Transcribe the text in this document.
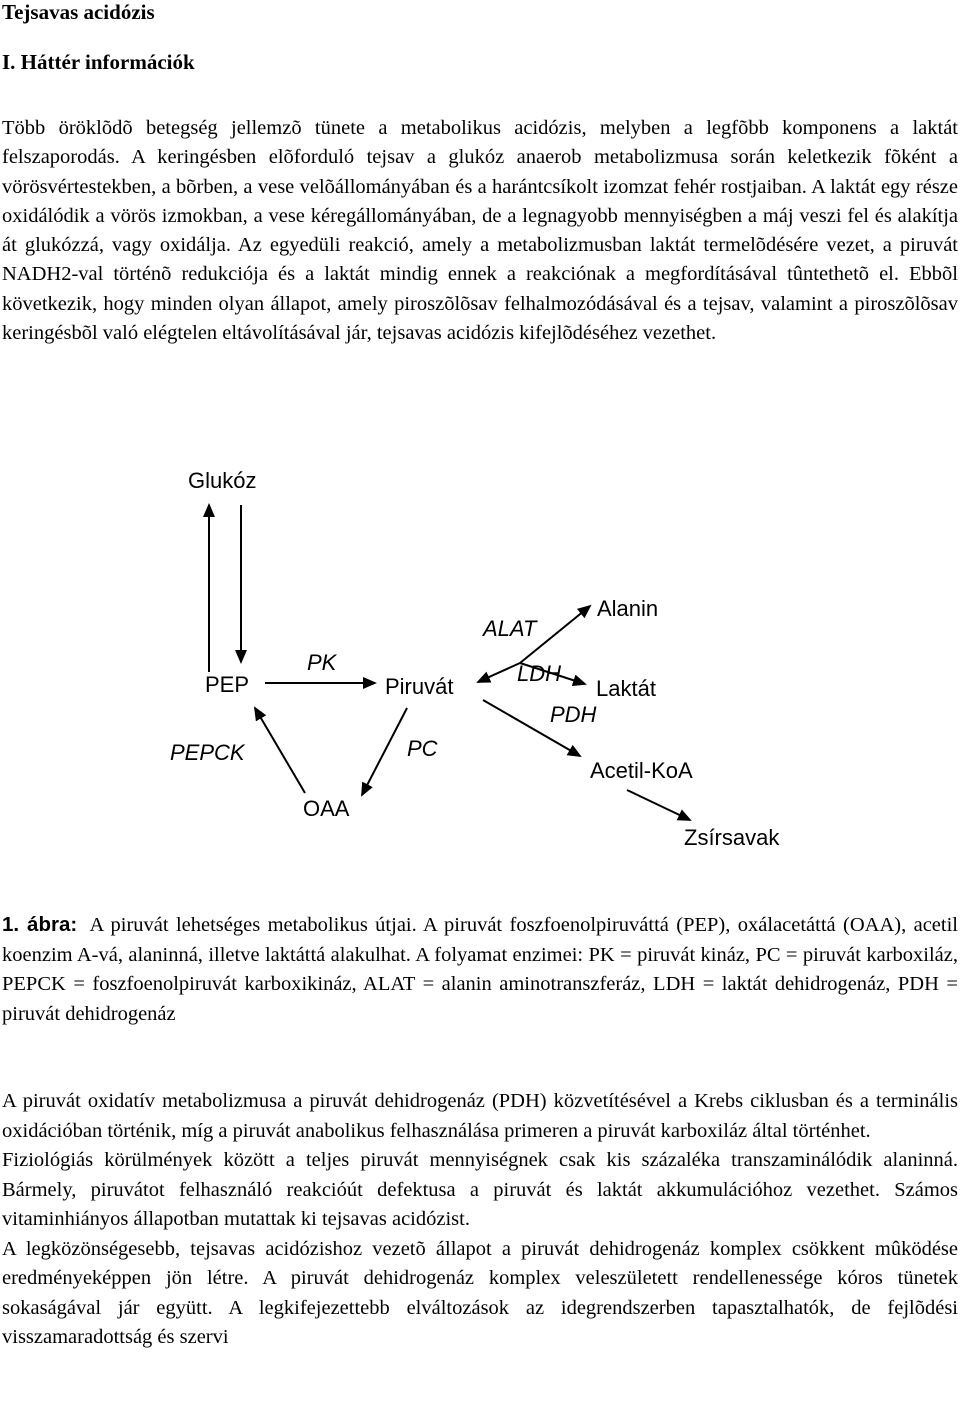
Tejsavas acidózis
I. Háttér információk
Több öröklõdõ betegség jellemzõ tünete a metabolikus acidózis, melyben a legfõbb komponens a laktát felszaporodás. A keringésben elõforduló tejsav a glukóz anaerob metabolizmusa során keletkezik fõként a vörösvértestekben, a bõrben, a vese velõállományában és a harántcsíkolt izomzat fehér rostjaiban. A laktát egy része oxidálódik a vörös izmokban, a vese kéregállományában, de a legnagyobb mennyiségben a máj veszi fel és alakítja át glukózzá, vagy oxidálja. Az egyedüli reakció, amely a metabolizmusban laktát termelõdésére vezet, a piruvát NADH2-val történõ redukciója és a laktát mindig ennek a reakciónak a megfordításával tûntethetõ el. Ebbõl következik, hogy minden olyan állapot, amely piroszõlõsav felhalmozódásával és a tejsav, valamint a piroszõlõsav keringésbõl való elégtelen eltávolításával jár, tejsavas acidózis kifejlõdéséhez vezethet.
Glukóz
PEP	Piruvát
OAA
Alanin
Laktát
Acetil-KoA
Zsírsavak
PK
PEPCK	PC
ALAT
LDH
PDH
1. ábra: A piruvát lehetséges metabolikus útjai. A piruvát foszfoenolpiruváttá (PEP), oxálacetáttá (OAA), acetil koenzim A-vá, alaninná, illetve laktáttá alakulhat. A folyamat enzimei: PK = piruvát kináz, PC = piruvát karboxiláz, PEPCK = foszfoenolpiruvát karboxikináz, ALAT = alanin aminotranszferáz, LDH = laktát dehidrogenáz, PDH = piruvát dehidrogenáz
A piruvát oxidatív metabolizmusa a piruvát dehidrogenáz (PDH) közvetítésével a Krebs ciklusban és a terminális oxidációban történik, míg a piruvát anabolikus felhasználása primeren a piruvát karboxiláz által történhet.
Fiziológiás körülmények között a teljes piruvát mennyiségnek csak kis százaléka transzaminálódik alaninná. Bármely, piruvátot felhasználó reakcióút defektusa a piruvát és laktát akkumulációhoz vezethet. Számos vitaminhiányos állapotban mutattak ki tejsavas acidózist.
A legközönségesebb, tejsavas acidózishoz vezetõ állapot a piruvát dehidrogenáz komplex csökkent mûködése eredményeképpen jön létre. A piruvát dehidrogenáz komplex veleszületett rendellenessége kóros tünetek sokaságával jár együtt. A legkifejezettebb elváltozások az idegrendszerben tapasztalhatók, de fejlõdési visszamaradottság és szervi
